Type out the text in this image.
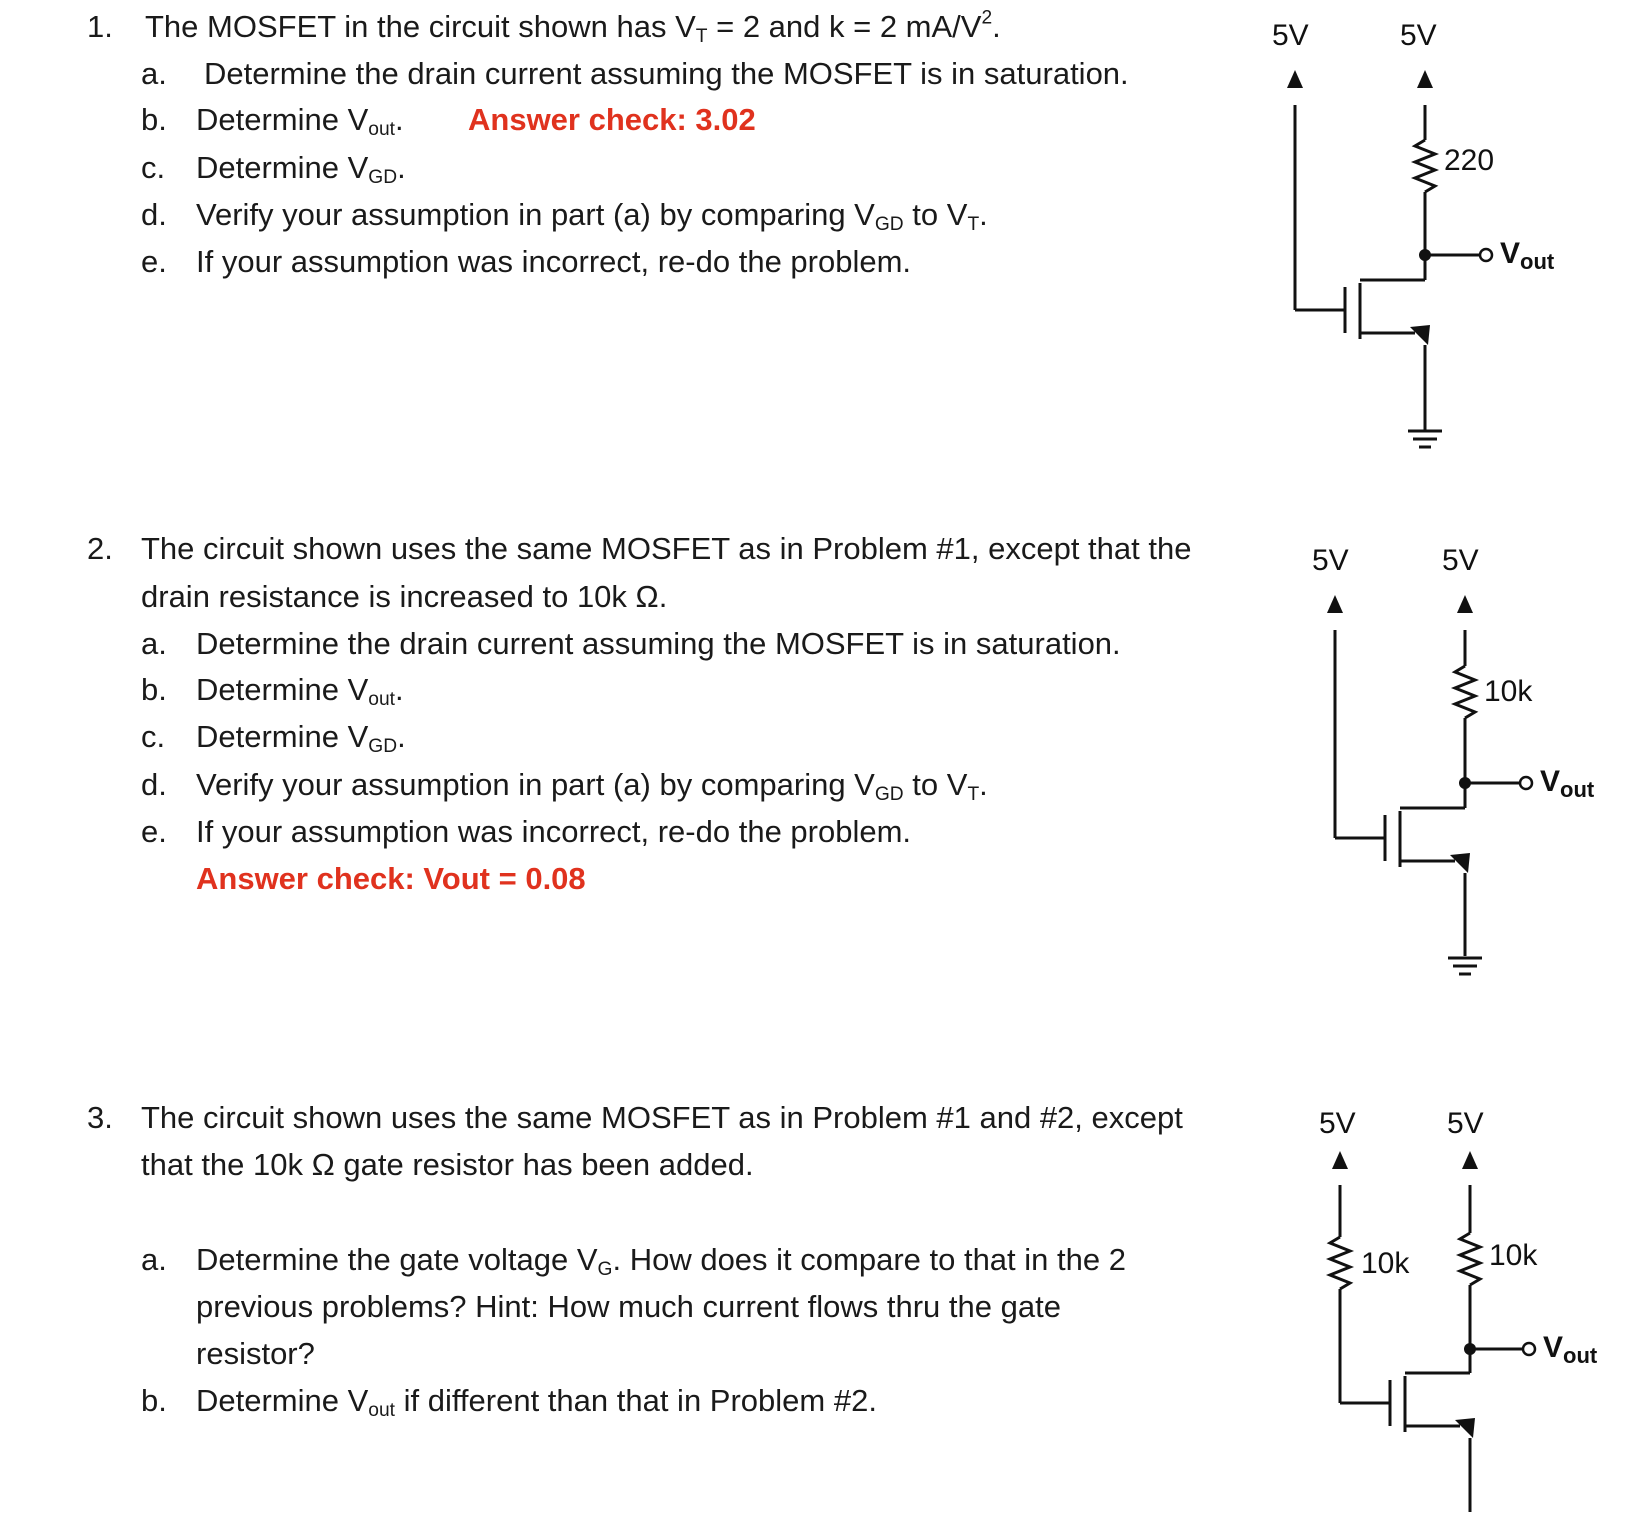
1. The MOSFET in the circuit shown has $V_T = 2$ and k = 2 $mA/V^2$.
a. Determine the drain current assuming the MOSFET is in saturation.
b. Determine $V_{out}$. Answer check: 3.02
c. Determine $V_{GD}$.
d. Verify your assumption in part (a) by comparing $V_{GD}$ to $V_T$.
e. If your assumption was incorrect, re-do the problem.
2. The circuit shown uses the same MOSFET as in Problem #1, except that the
drain resistance is increased to 10k Ω.
a. Determine the drain current assuming the MOSFET is in saturation.
b. Determine $V_{out}$.
c. Determine $V_{GD}$.
d. Verify your assumption in part (a) by comparing $V_{GD}$ to $V_T$.
e. If your assumption was incorrect, re-do the problem.
Answer check: Vout = 0.08
3. The circuit shown uses the same MOSFET as in Problem #1 and #2, except
that the 10k Ω gate resistor has been added.
a. Determine the gate voltage $V_G$. How does it compare to that in the 2
previous problems? Hint: How much current flows thru the gate
resistor?
b. Determine $V_{out}$ if different than that in Problem #2.
5V	5V
220
$V_{out}$
5V	5V
10k
$V_{out}$
5V	5V
10k	10k
$V_{out}$
